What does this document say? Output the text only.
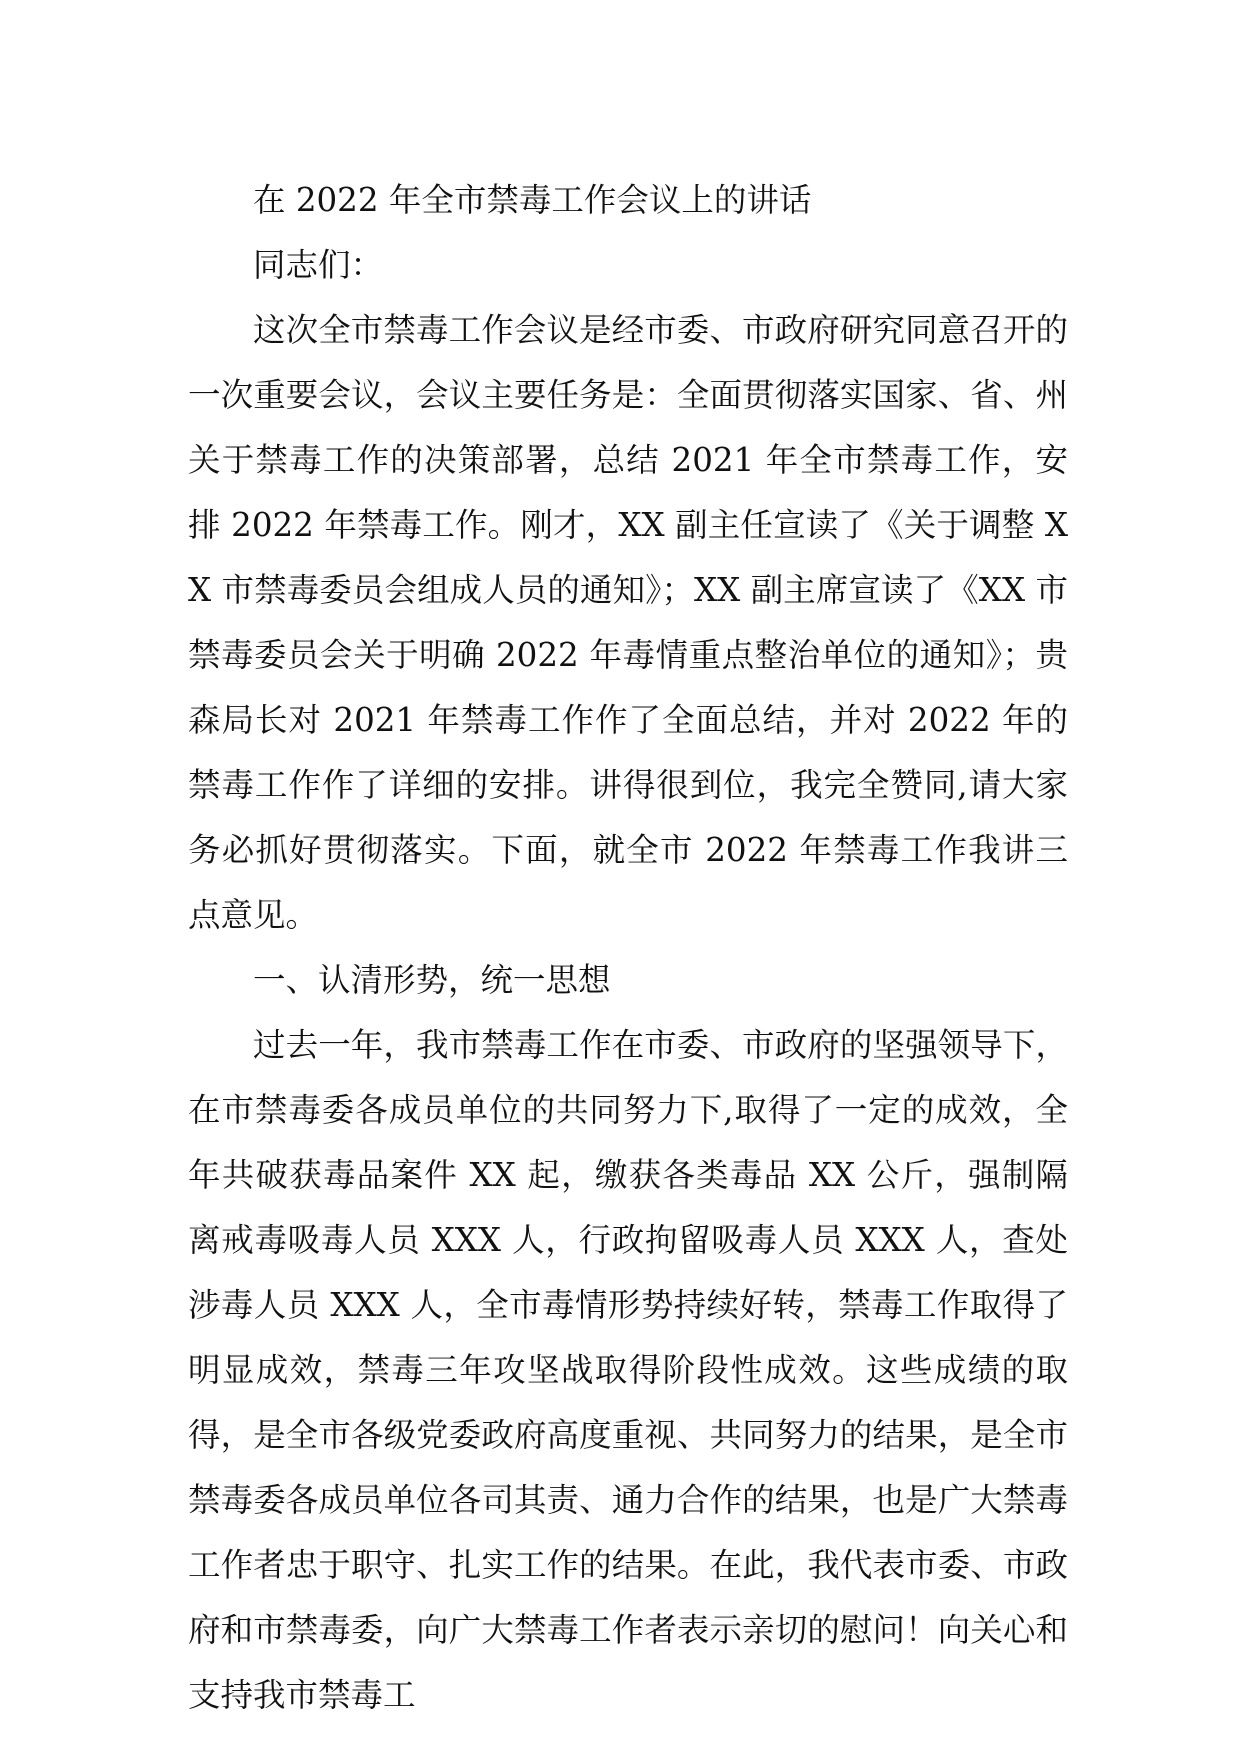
在 2022 年全市禁毒工作会议上的讲话

同志们：

这次全市禁毒工作会议是经市委、市政府研究同意召开的一次重要会议，会议主要任务是：全面贯彻落实国家、省、州关于禁毒工作的决策部署，总结 2021 年全市禁毒工作，安排 2022 年禁毒工作。刚才，XX 副主任宣读了《关于调整 XX 市禁毒委员会组成人员的通知》；XX 副主席宣读了《XX 市禁毒委员会关于明确 2022 年毒情重点整治单位的通知》；贵森局长对 2021 年禁毒工作作了全面总结，并对 2022 年的禁毒工作作了详细的安排。讲得很到位，我完全赞同,请大家务必抓好贯彻落实。下面，就全市 2022 年禁毒工作我讲三点意见。

一、认清形势，统一思想

过去一年，我市禁毒工作在市委、市政府的坚强领导下，在市禁毒委各成员单位的共同努力下,取得了一定的成效，全年共破获毒品案件 XX 起，缴获各类毒品 XX 公斤，强制隔离戒毒吸毒人员 XXX 人，行政拘留吸毒人员 XXX 人，查处涉毒人员 XXX 人，全市毒情形势持续好转，禁毒工作取得了明显成效，禁毒三年攻坚战取得阶段性成效。这些成绩的取得，是全市各级党委政府高度重视、共同努力的结果，是全市禁毒委各成员单位各司其责、通力合作的结果，也是广大禁毒工作者忠于职守、扎实工作的结果。在此，我代表市委、市政府和市禁毒委，向广大禁毒工作者表示亲切的慰问！向关心和支持我市禁毒工
